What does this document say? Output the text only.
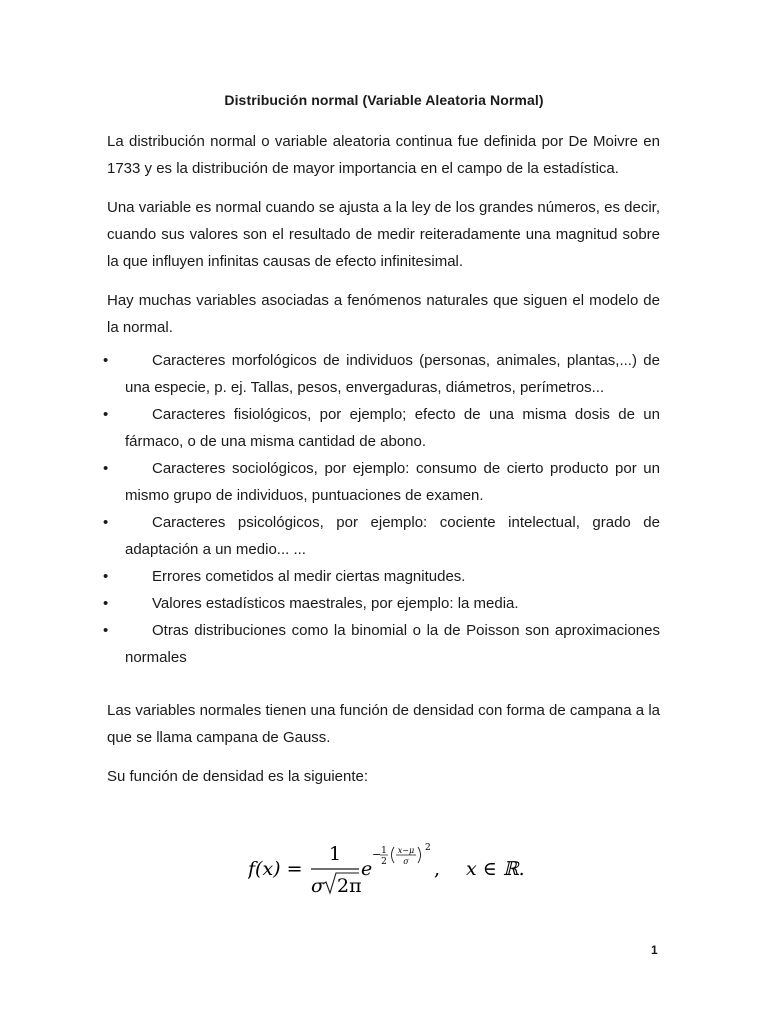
Distribución normal (Variable Aleatoria Normal)

La distribución normal o variable aleatoria continua fue definida por De Moivre en 1733 y es la distribución de mayor importancia en el campo de la estadística.

Una variable es normal cuando se ajusta a la ley de los grandes números, es decir, cuando sus valores son el resultado de medir reiteradamente una magnitud sobre la que influyen infinitas causas de efecto infinitesimal.

Hay muchas variables asociadas a fenómenos naturales que siguen el modelo de la normal.

•	Caracteres morfológicos de individuos (personas, animales, plantas,...) de una especie, p. ej. Tallas, pesos, envergaduras, diámetros, perímetros...
•	Caracteres fisiológicos, por ejemplo; efecto de una misma dosis de un fármaco, o de una misma cantidad de abono.
•	Caracteres sociológicos, por ejemplo: consumo de cierto producto por un mismo grupo de individuos, puntuaciones de examen.
•	Caracteres psicológicos, por ejemplo: cociente intelectual, grado de adaptación a un medio... ...
•	Errores cometidos al medir ciertas magnitudes.
•	Valores estadísticos maestrales, por ejemplo: la media.
•	Otras distribuciones como la binomial o la de Poisson son aproximaciones normales

Las variables normales tienen una función de densidad con forma de campana a la que se llama campana de Gauss.

Su función de densidad es la siguiente:

f(x) =
1
σ 2π
e
− 1
2
x−μ
σ
2
, x ∈ ℝ.
1
